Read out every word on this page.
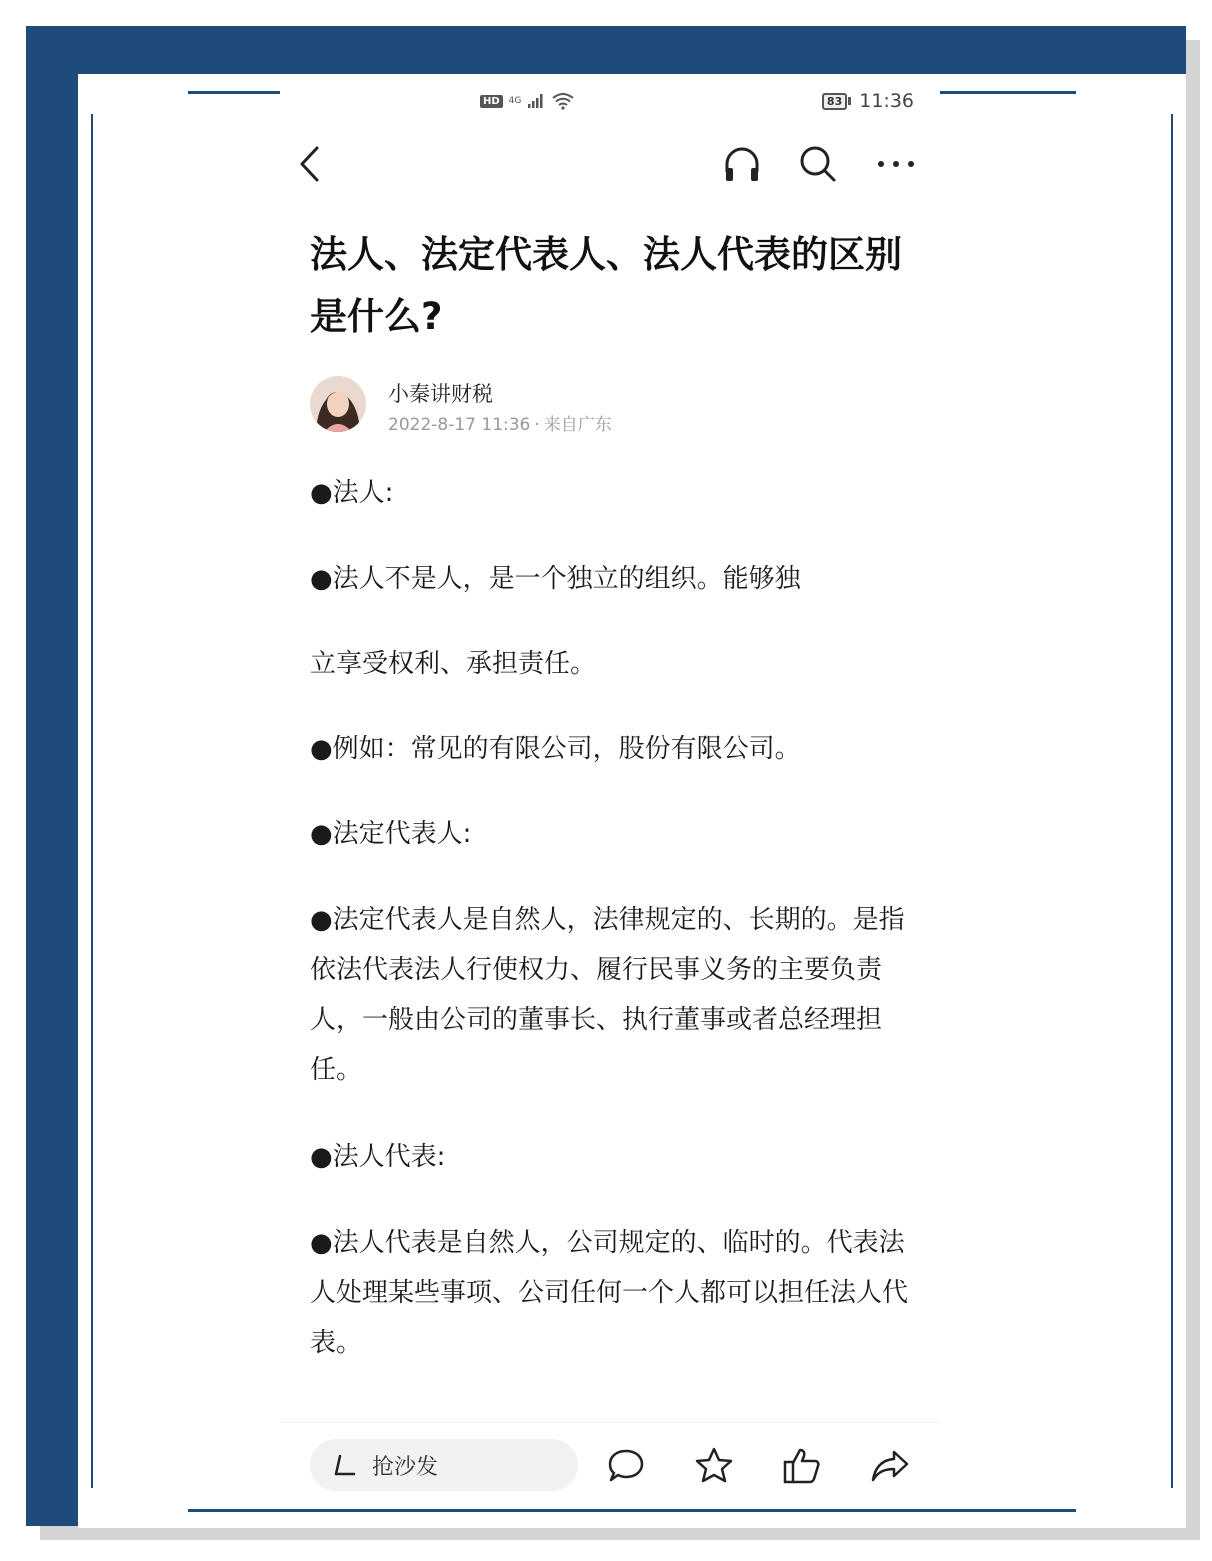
HD	4G	83 11:36
法人、法定代表人、法人代表的区别是什么?
小秦讲财税
2022-8-17 11:36 · 来自广东

●法人:

●法人不是人，是一个独立的组织。能够独

立享受权利、承担责任。

●例如：常见的有限公司，股份有限公司。

●法定代表人:

●法定代表人是自然人，法律规定的、长期的。是指依法代表法人行使权力、履行民事义务的主要负责人，一般由公司的董事长、执行董事或者总经理担任。

●法人代表:

●法人代表是自然人，公司规定的、临时的。代表法人处理某些事项、公司任何一个人都可以担任法人代表。

抢沙发
